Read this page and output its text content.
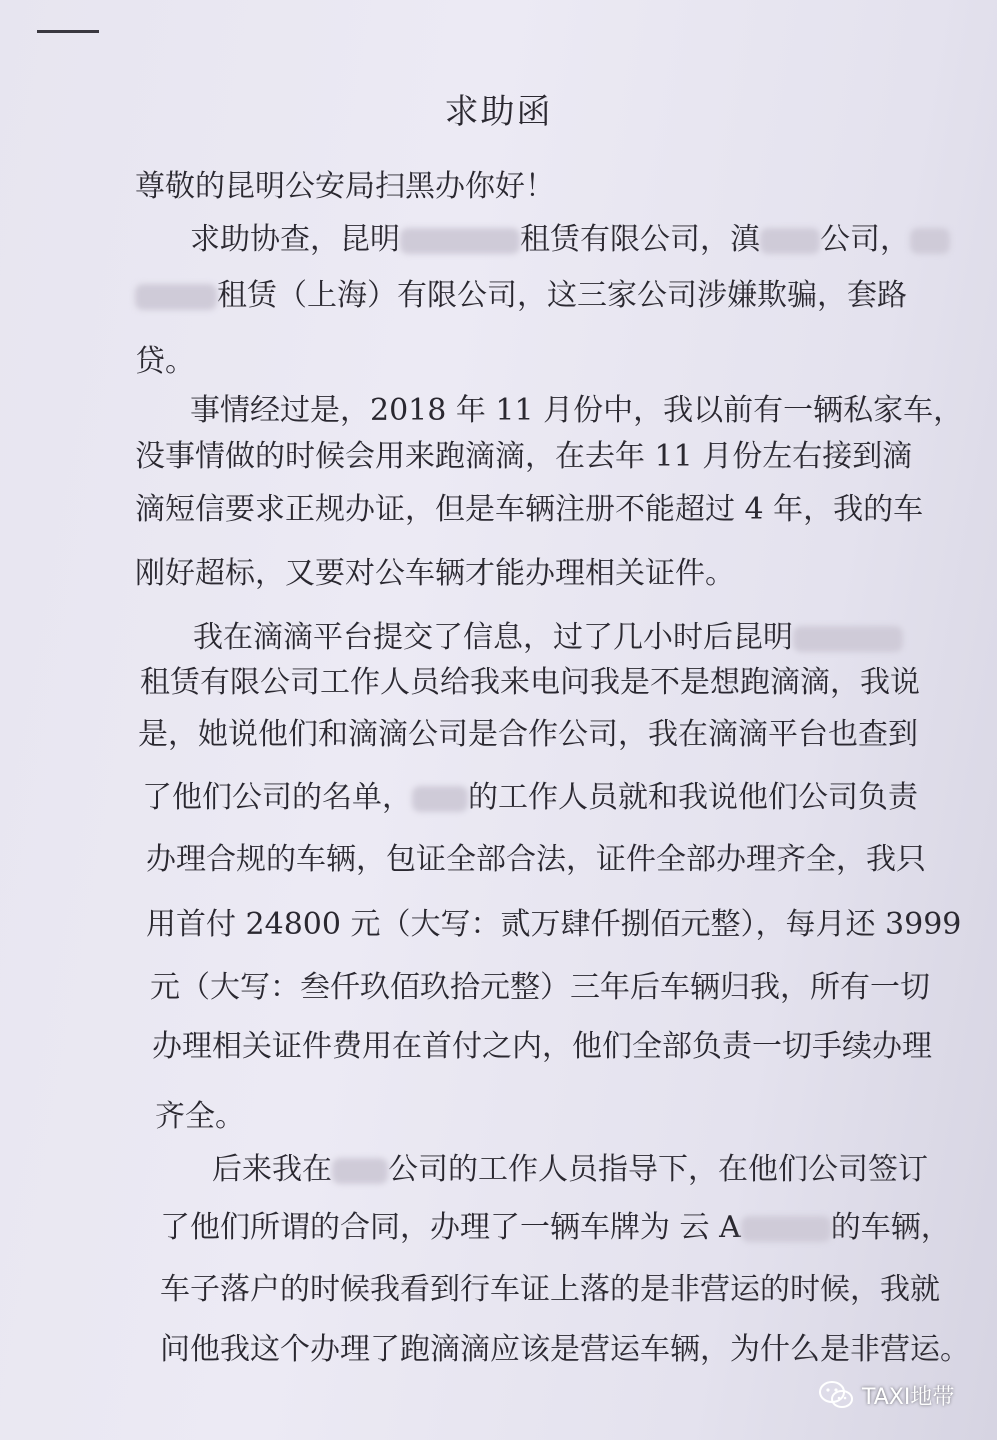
求助函
尊敬的昆明公安局扫黑办你好！
求助协查，昆明	租赁有限公司，滇 公司，
租赁（上海）有限公司，这三家公司涉嫌欺骗，套路
贷。
事情经过是，2018 年 11 月份中，我以前有一辆私家车，
没事情做的时候会用来跑滴滴，在去年 11 月份左右接到滴
滴短信要求正规办证，但是车辆注册不能超过 4 年，我的车
刚好超标，又要对公车辆才能办理相关证件。
我在滴滴平台提交了信息，过了几小时后昆明
租赁有限公司工作人员给我来电问我是不是想跑滴滴，我说
是，她说他们和滴滴公司是合作公司，我在滴滴平台也查到
了他们公司的名单， 的工作人员就和我说他们公司负责
办理合规的车辆，包证全部合法，证件全部办理齐全，我只
用首付 24800 元（大写：贰万肆仟捌佰元整），每月还 3999
元（大写：叁仟玖佰玖拾元整）三年后车辆归我，所有一切
办理相关证件费用在首付之内，他们全部负责一切手续办理
齐全。
后来我在 公司的工作人员指导下，在他们公司签订
了他们所谓的合同，办理了一辆车牌为 云 A	的车辆，
车子落户的时候我看到行车证上落的是非营运的时候，我就
问他我这个办理了跑滴滴应该是营运车辆，为什么是非营运。
TAXI地带
